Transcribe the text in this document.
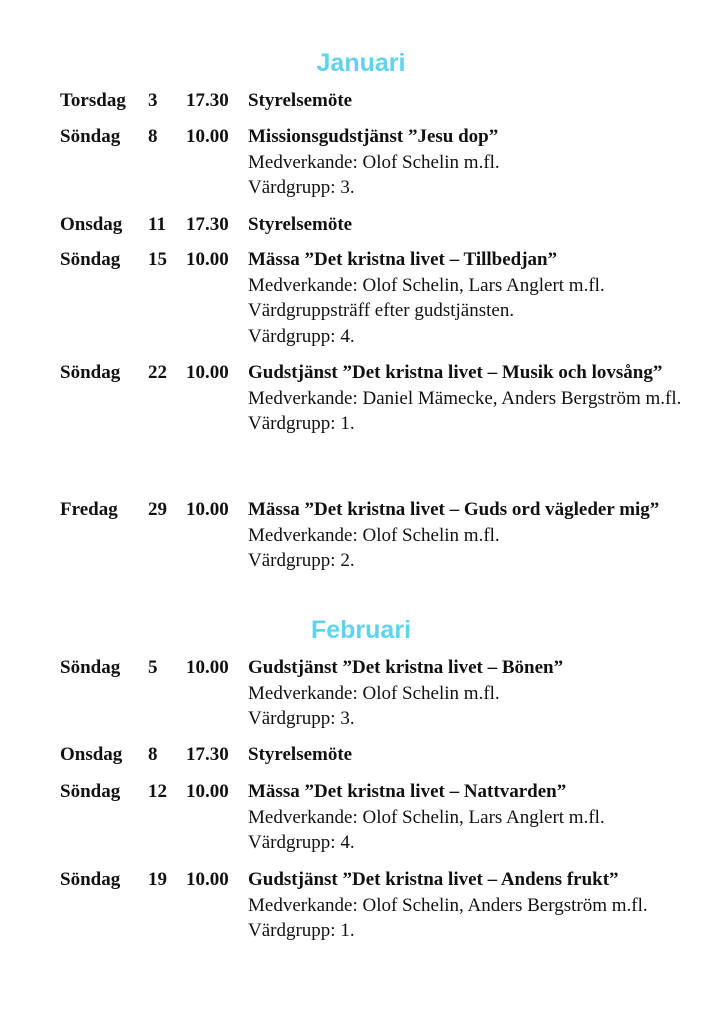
Januari
Torsdag 3 17.30 Styrelsemöte
Söndag 8 10.00 Missionsgudstjänst ”Jesu dop”
Medverkande: Olof Schelin m.fl.
Värdgrupp: 3.
Onsdag 11 17.30 Styrelsemöte
Söndag 15 10.00 Mässa ”Det kristna livet – Tillbedjan”
Medverkande: Olof Schelin, Lars Anglert m.fl.
Värdgruppsträff efter gudstjänsten.
Värdgrupp: 4.
Söndag 22 10.00 Gudstjänst ”Det kristna livet – Musik och lovsång”
Medverkande: Daniel Mämecke, Anders Bergström m.fl.
Värdgrupp: 1.
Fredag 29 10.00 Mässa ”Det kristna livet – Guds ord vägleder mig”
Medverkande: Olof Schelin m.fl.
Värdgrupp: 2.
Februari
Söndag 5 10.00 Gudstjänst ”Det kristna livet – Bönen”
Medverkande: Olof Schelin m.fl.
Värdgrupp: 3.
Onsdag 8 17.30 Styrelsemöte
Söndag 12 10.00 Mässa ”Det kristna livet – Nattvarden”
Medverkande: Olof Schelin, Lars Anglert m.fl.
Värdgrupp: 4.
Söndag 19 10.00 Gudstjänst ”Det kristna livet – Andens frukt”
Medverkande: Olof Schelin, Anders Bergström m.fl.
Värdgrupp: 1.
